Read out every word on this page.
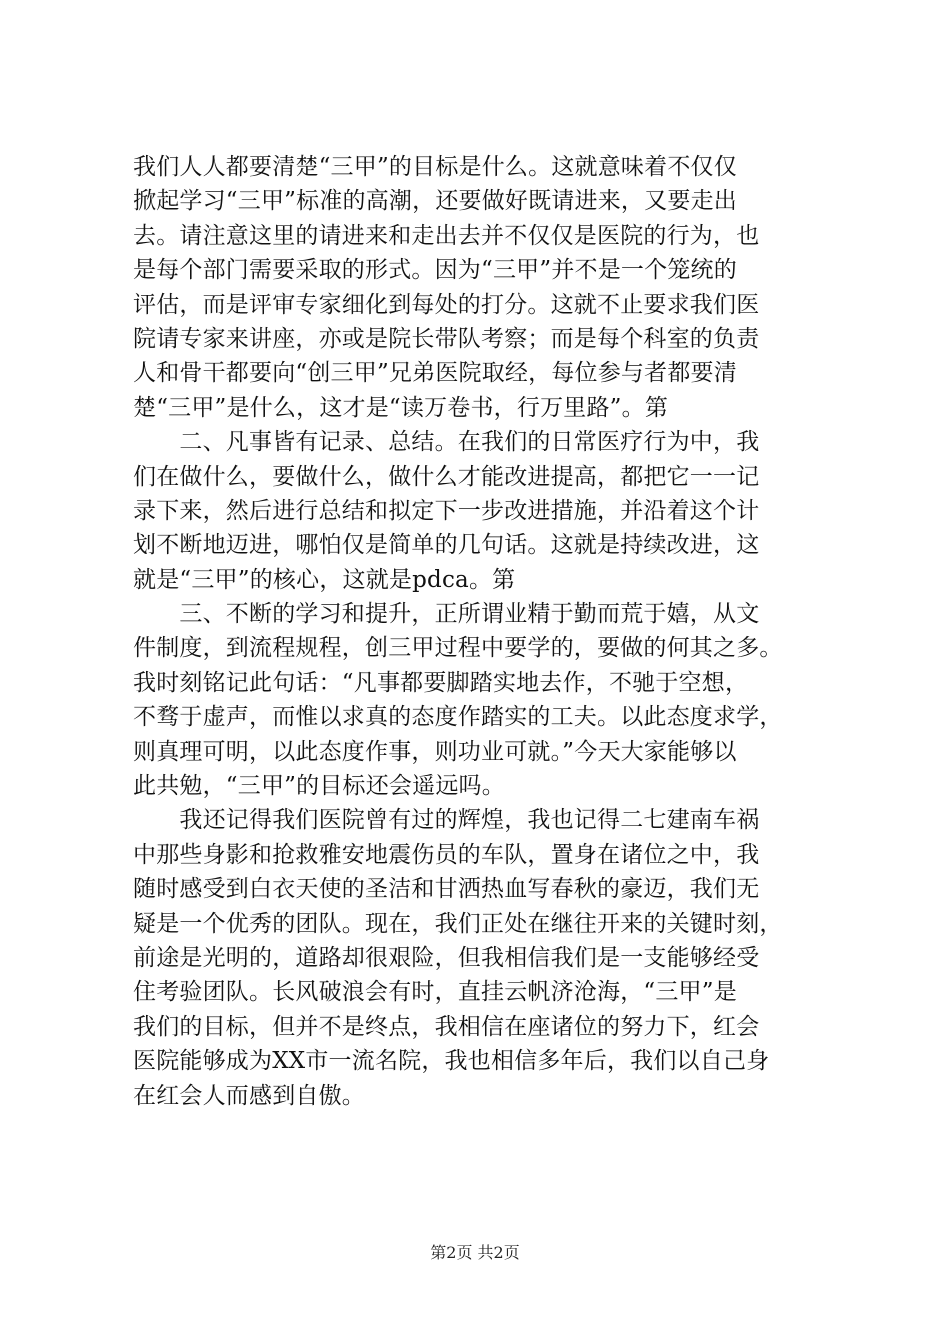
我们人人都要清楚“三甲”的目标是什么。这就意味着不仅仅
掀起学习“三甲”标准的高潮，还要做好既请进来，又要走出
去。请注意这里的请进来和走出去并不仅仅是医院的行为，也
是每个部门需要采取的形式。因为“三甲”并不是一个笼统的
评估，而是评审专家细化到每处的打分。这就不止要求我们医
院请专家来讲座，亦或是院长带队考察；而是每个科室的负责
人和骨干都要向“创三甲”兄弟医院取经，每位参与者都要清
楚“三甲”是什么，这才是“读万卷书，行万里路”。第
　　二、凡事皆有记录、总结。在我们的日常医疗行为中，我
们在做什么，要做什么，做什么才能改进提高，都把它一一记
录下来，然后进行总结和拟定下一步改进措施，并沿着这个计
划不断地迈进，哪怕仅是简单的几句话。这就是持续改进，这
就是“三甲”的核心，这就是pdca。第
　　三、不断的学习和提升，正所谓业精于勤而荒于嬉，从文
件制度，到流程规程，创三甲过程中要学的，要做的何其之多。
我时刻铭记此句话：“凡事都要脚踏实地去作，不驰于空想，
不骛于虚声，而惟以求真的态度作踏实的工夫。以此态度求学，
则真理可明，以此态度作事，则功业可就。”今天大家能够以
此共勉，“三甲”的目标还会遥远吗。
　　我还记得我们医院曾有过的辉煌，我也记得二七建南车祸
中那些身影和抢救雅安地震伤员的车队，置身在诸位之中，我
随时感受到白衣天使的圣洁和甘洒热血写春秋的豪迈，我们无
疑是一个优秀的团队。现在，我们正处在继往开来的关键时刻，
前途是光明的，道路却很艰险，但我相信我们是一支能够经受
住考验团队。长风破浪会有时，直挂云帆济沧海，“三甲”是
我们的目标，但并不是终点，我相信在座诸位的努力下，红会
医院能够成为XX市一流名院，我也相信多年后，我们以自己身
在红会人而感到自傲。
第2页 共2页
